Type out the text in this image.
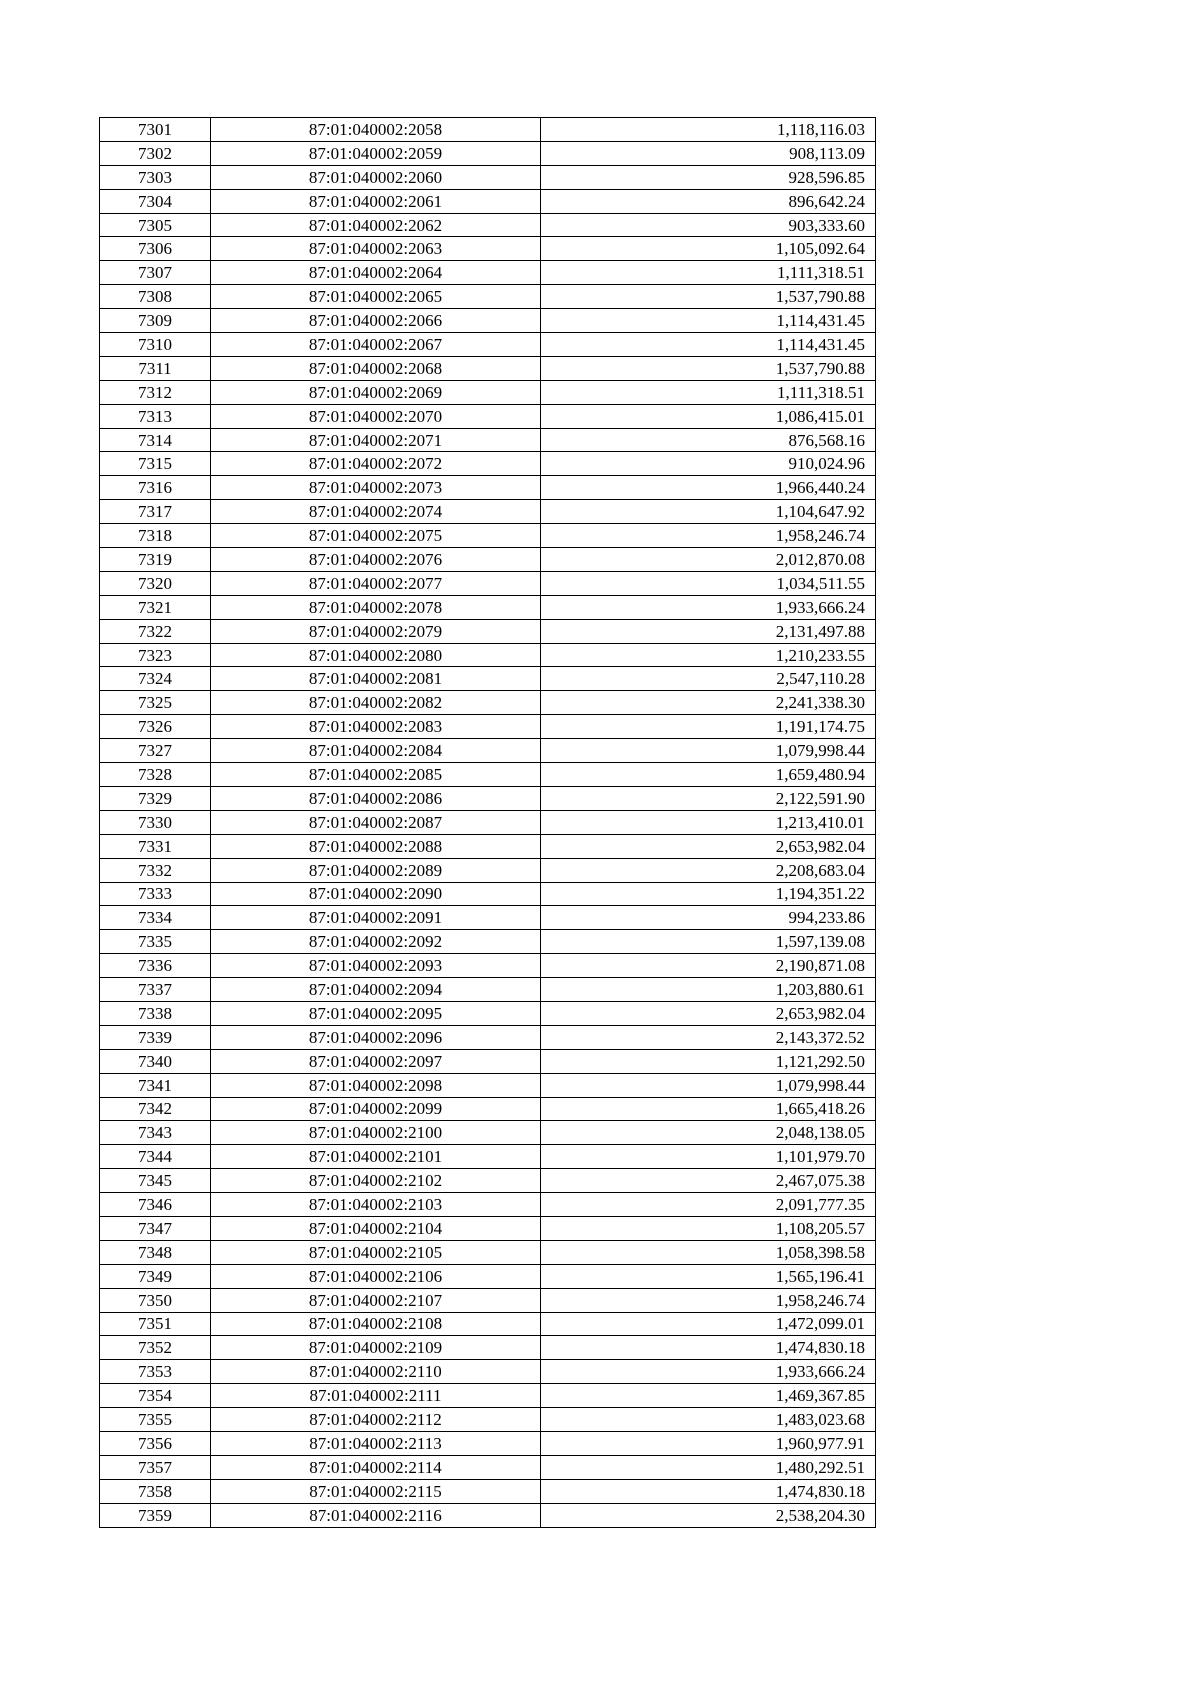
7301	87:01:040002:2058	1,118,116.03
7302	87:01:040002:2059	908,113.09
7303	87:01:040002:2060	928,596.85
7304	87:01:040002:2061	896,642.24
7305	87:01:040002:2062	903,333.60
7306	87:01:040002:2063	1,105,092.64
7307	87:01:040002:2064	1,111,318.51
7308	87:01:040002:2065	1,537,790.88
7309	87:01:040002:2066	1,114,431.45
7310	87:01:040002:2067	1,114,431.45
7311	87:01:040002:2068	1,537,790.88
7312	87:01:040002:2069	1,111,318.51
7313	87:01:040002:2070	1,086,415.01
7314	87:01:040002:2071	876,568.16
7315	87:01:040002:2072	910,024.96
7316	87:01:040002:2073	1,966,440.24
7317	87:01:040002:2074	1,104,647.92
7318	87:01:040002:2075	1,958,246.74
7319	87:01:040002:2076	2,012,870.08
7320	87:01:040002:2077	1,034,511.55
7321	87:01:040002:2078	1,933,666.24
7322	87:01:040002:2079	2,131,497.88
7323	87:01:040002:2080	1,210,233.55
7324	87:01:040002:2081	2,547,110.28
7325	87:01:040002:2082	2,241,338.30
7326	87:01:040002:2083	1,191,174.75
7327	87:01:040002:2084	1,079,998.44
7328	87:01:040002:2085	1,659,480.94
7329	87:01:040002:2086	2,122,591.90
7330	87:01:040002:2087	1,213,410.01
7331	87:01:040002:2088	2,653,982.04
7332	87:01:040002:2089	2,208,683.04
7333	87:01:040002:2090	1,194,351.22
7334	87:01:040002:2091	994,233.86
7335	87:01:040002:2092	1,597,139.08
7336	87:01:040002:2093	2,190,871.08
7337	87:01:040002:2094	1,203,880.61
7338	87:01:040002:2095	2,653,982.04
7339	87:01:040002:2096	2,143,372.52
7340	87:01:040002:2097	1,121,292.50
7341	87:01:040002:2098	1,079,998.44
7342	87:01:040002:2099	1,665,418.26
7343	87:01:040002:2100	2,048,138.05
7344	87:01:040002:2101	1,101,979.70
7345	87:01:040002:2102	2,467,075.38
7346	87:01:040002:2103	2,091,777.35
7347	87:01:040002:2104	1,108,205.57
7348	87:01:040002:2105	1,058,398.58
7349	87:01:040002:2106	1,565,196.41
7350	87:01:040002:2107	1,958,246.74
7351	87:01:040002:2108	1,472,099.01
7352	87:01:040002:2109	1,474,830.18
7353	87:01:040002:2110	1,933,666.24
7354	87:01:040002:2111	1,469,367.85
7355	87:01:040002:2112	1,483,023.68
7356	87:01:040002:2113	1,960,977.91
7357	87:01:040002:2114	1,480,292.51
7358	87:01:040002:2115	1,474,830.18
7359	87:01:040002:2116	2,538,204.30
